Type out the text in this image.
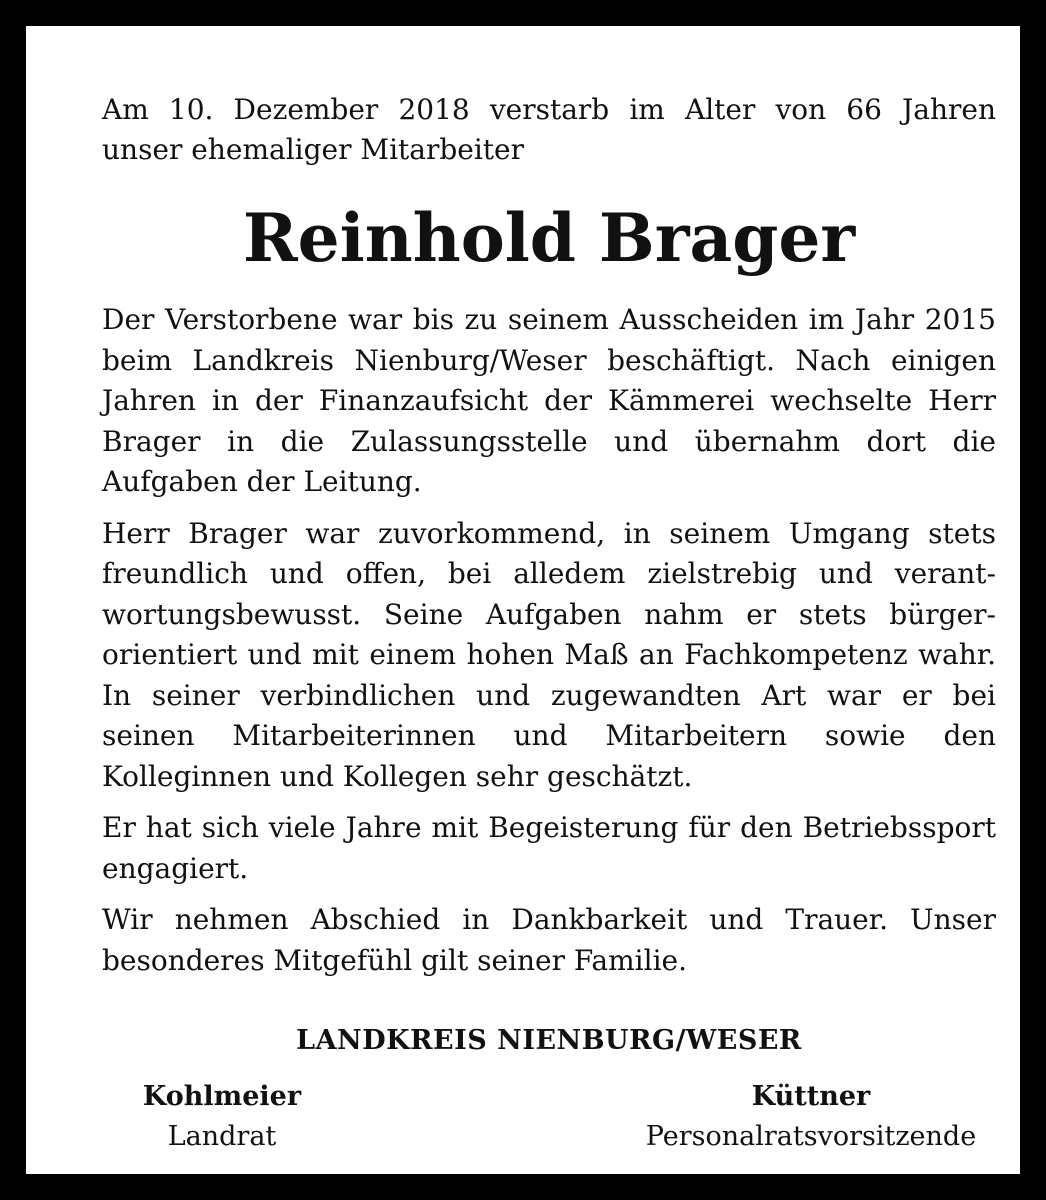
Am 10. Dezember 2018 verstarb im Alter von 66 Jahren
unser ehemaliger Mitarbeiter

Reinhold Brager

Der Verstorbene war bis zu seinem Ausscheiden im Jahr 2015 beim Landkreis Nienburg/Weser beschäftigt. Nach einigen Jahren in der Finanzaufsicht der Kämmerei wechselte Herr Brager in die Zulassungsstelle und übernahm dort die Aufgaben der Leitung.

Herr Brager war zuvorkommend, in seinem Umgang stets freundlich und offen, bei alledem zielstrebig und verantwortungsbewusst. Seine Aufgaben nahm er stets bürgerorientiert und mit einem hohen Maß an Fachkompetenz wahr. In seiner verbindlichen und zugewandten Art war er bei seinen Mitarbeiterinnen und Mitarbeitern sowie den Kolleginnen und Kollegen sehr geschätzt.

Er hat sich viele Jahre mit Begeisterung für den Betriebssport engagiert.

Wir nehmen Abschied in Dankbarkeit und Trauer. Unser besonderes Mitgefühl gilt seiner Familie.

LANDKREIS NIENBURG/WESER
Kohlmeier
Landrat
Küttner
Personalratsvorsitzende
